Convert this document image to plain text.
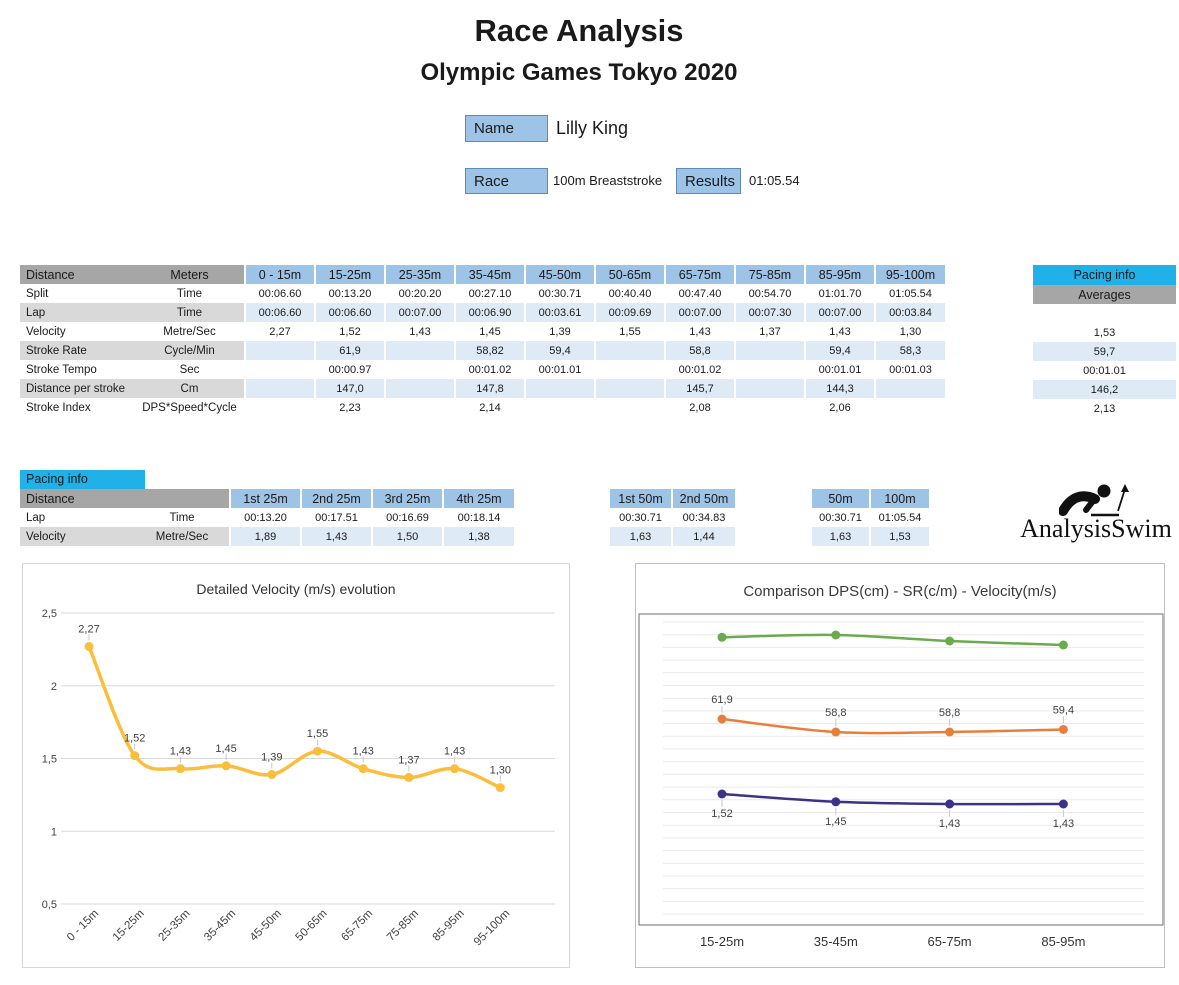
Race Analysis
Olympic Games Tokyo 2020
Name	Lilly King
Race	100m Breaststroke	Results	01:05.54
Distance	Meters	0 - 15m	15-25m	25-35m	35-45m	45-50m	50-65m	65-75m	75-85m	85-95m	95-100m
Split	Time	00:06.60	00:13.20	00:20.20	00:27.10	00:30.71	00:40.40	00:47.40	00:54.70	01:01.70	01:05.54
Lap	Time	00:06.60	00:06.60	00:07.00	00:06.90	00:03.61	00:09.69	00:07.00	00:07.30	00:07.00	00:03.84
Velocity	Metre/Sec	2,27	1,52	1,43	1,45	1,39	1,55	1,43	1,37	1,43	1,30
Stroke Rate	Cycle/Min		61,9		58,82	59,4		58,8		59,4	58,3
Stroke Tempo	Sec		00:00.97		00:01.02	00:01.01		00:01.02		00:01.01	00:01.03
Distance per stroke	Cm		147,0		147,8			145,7		144,3	
Stroke Index	DPS*Speed*Cycle		2,23		2,14			2,08		2,06	
Pacing info
Averages

1,53
59,7
00:01.01
146,2
2,13
Pacing info
Distance		1st 25m	2nd 25m	3rd 25m	4th 25m
Lap	Time	00:13.20	00:17.51	00:16.69	00:18.14
Velocity	Metre/Sec	1,89	1,43	1,50	1,38
1st 50m	2nd 50m
00:30.71	00:34.83
1,63	1,44
50m	100m
00:30.71	01:05.54
1,63	1,53	AnalysisSwim
Detailed Velocity (m/s) evolution
2,5
2
1,5
1
0,5
2,27
1,52
1,43 1,45
1,39
1,55
1,43
1,37
1,43
1,30
0 - 15m 15-25m 25-35m 35-45m 45-50m 50-65m 65-75m 75-85m 85-95m 95-100m
Comparison DPS(cm) - SR(c/m) - Velocity(m/s)
61,9
58,8	58,8	59,4
1,52
1,45	1,43	1,43
15-25m	35-45m	65-75m	85-95m
